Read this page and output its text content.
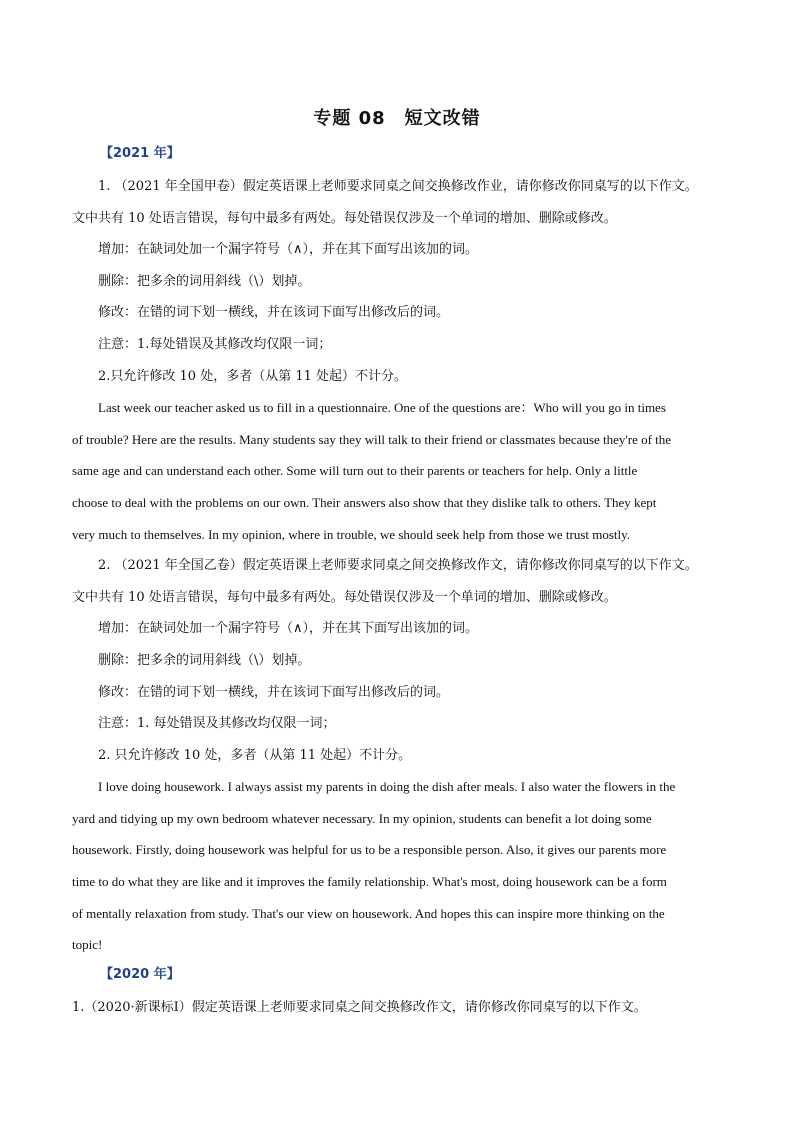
专题 08　短文改错
【2021 年】
1. （2021 年全国甲卷）假定英语课上老师要求同桌之间交换修改作业，请你修改你同桌写的以下作文。
文中共有 10 处语言错误，每句中最多有两处。每处错误仅涉及一个单词的增加、删除或修改。
增加：在缺词处加一个漏字符号（∧），并在其下面写出该加的词。
删除：把多余的词用斜线（\）划掉。
修改：在错的词下划一横线，并在该词下面写出修改后的词。
注意：1.每处错误及其修改均仅限一词；
2.只允许修改 10 处，多者（从第 11 处起）不计分。
Last week our teacher asked us to fill in a questionnaire. One of the questions are：Who will you go in times
of trouble? Here are the results. Many students say they will talk to their friend or classmates because they're of the
same age and can understand each other. Some will turn out to their parents or teachers for help. Only a little
choose to deal with the problems on our own. Their answers also show that they dislike talk to others. They kept
very much to themselves. In my opinion, where in trouble, we should seek help from those we trust mostly.
2. （2021 年全国乙卷）假定英语课上老师要求同桌之间交换修改作文，请你修改你同桌写的以下作文。
文中共有 10 处语言错误，每句中最多有两处。每处错误仅涉及一个单词的增加、删除或修改。
增加：在缺词处加一个漏字符号（∧），并在其下面写出该加的词。
删除：把多余的词用斜线（\）划掉。
修改：在错的词下划一横线，并在该词下面写出修改后的词。
注意：1. 每处错误及其修改均仅限一词；
2. 只允许修改 10 处，多者（从第 11 处起）不计分。
I love doing housework. I always assist my parents in doing the dish after meals. I also water the flowers in the
yard and tidying up my own bedroom whatever necessary. In my opinion, students can benefit a lot doing some
housework. Firstly, doing housework was helpful for us to be a responsible person. Also, it gives our parents more
time to do what they are like and it improves the family relationship. What's most, doing housework can be a form
of mentally relaxation from study. That's our view on housework. And hopes this can inspire more thinking on the
topic!
【2020 年】
1.（2020·新课标Ⅰ）假定英语课上老师要求同桌之间交换修改作文，请你修改你同桌写的以下作文。
